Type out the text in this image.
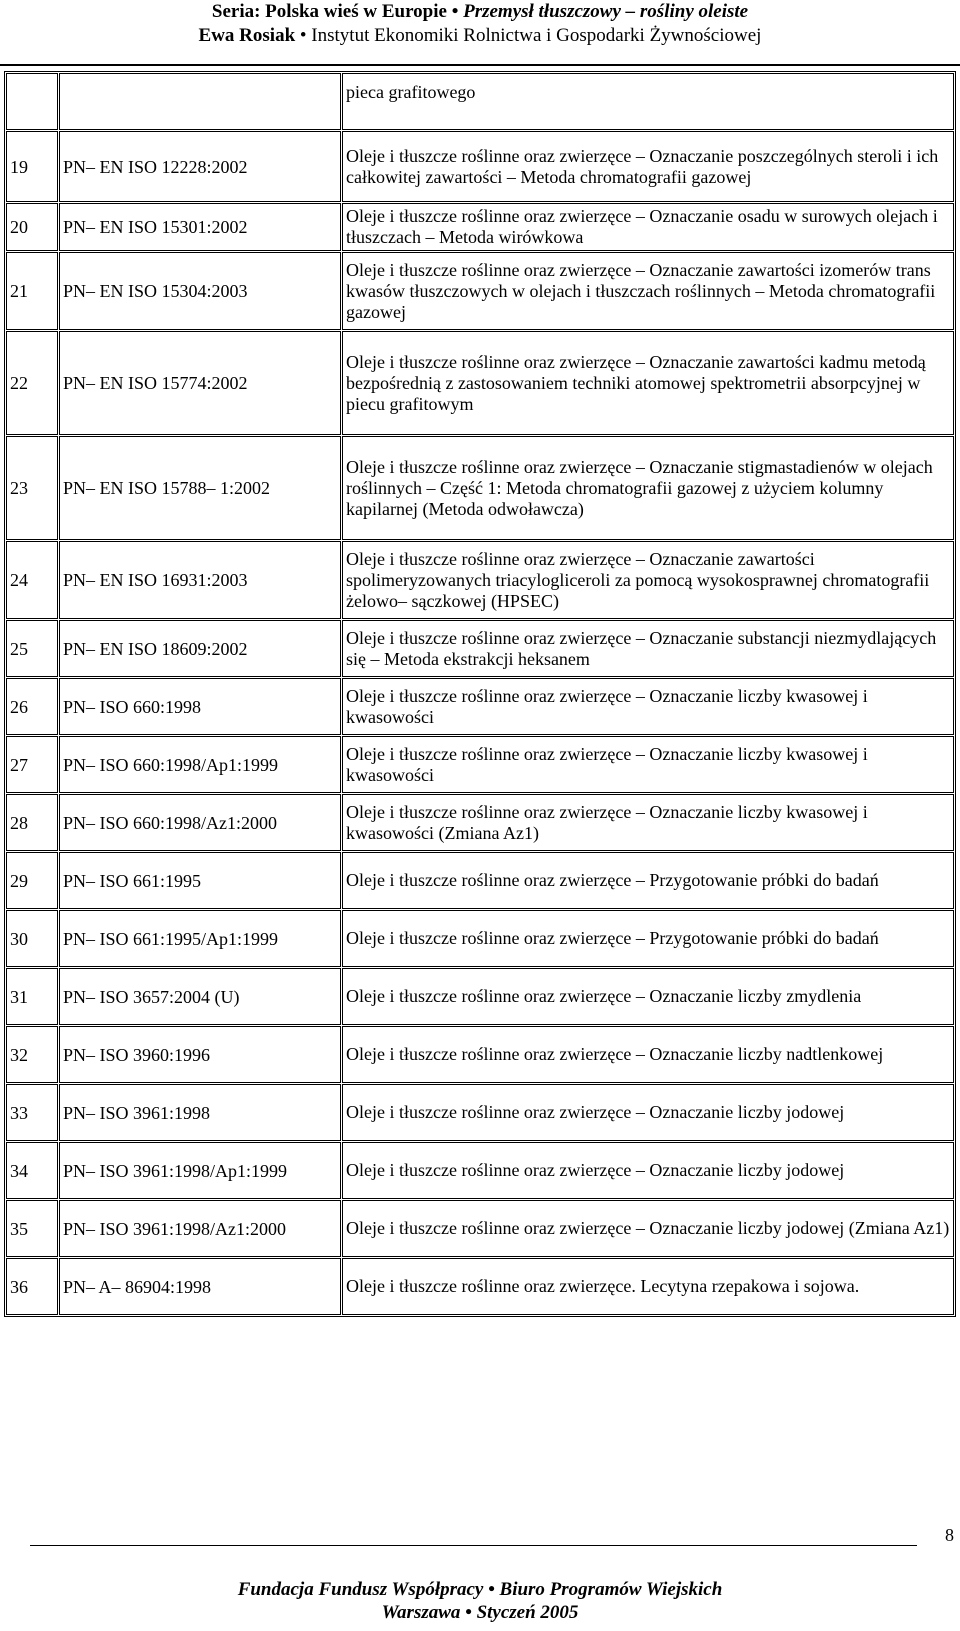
Seria: Polska wieś w Europie • Przemysł tłuszczowy – rośliny oleiste
Ewa Rosiak • Instytut Ekonomiki Rolnictwa i Gospodarki Żywnościowej
		pieca grafitowego
19	PN– EN ISO 12228:2002	Oleje i tłuszcze roślinne oraz zwierzęce – Oznaczanie poszczególnych steroli i ich całkowitej zawartości – Metoda chromatografii gazowej
20	PN– EN ISO 15301:2002	Oleje i tłuszcze roślinne oraz zwierzęce – Oznaczanie osadu w surowych olejach i tłuszczach – Metoda wirówkowa
21	PN– EN ISO 15304:2003	Oleje i tłuszcze roślinne oraz zwierzęce – Oznaczanie zawartości izomerów trans kwasów tłuszczowych w olejach i tłuszczach roślinnych – Metoda chromatografii gazowej
22	PN– EN ISO 15774:2002	Oleje i tłuszcze roślinne oraz zwierzęce – Oznaczanie zawartości kadmu metodą bezpośrednią z zastosowaniem techniki atomowej spektrometrii absorpcyjnej w piecu grafitowym
23	PN– EN ISO 15788– 1:2002	Oleje i tłuszcze roślinne oraz zwierzęce – Oznaczanie stigmastadienów w olejach roślinnych – Część 1: Metoda chromatografii gazowej z użyciem kolumny kapilarnej (Metoda odwoławcza)
24	PN– EN ISO 16931:2003	Oleje i tłuszcze roślinne oraz zwierzęce – Oznaczanie zawartości spolimeryzowanych triacylogliceroli za pomocą wysokosprawnej chromatografii żelowo– sączkowej (HPSEC)
25	PN– EN ISO 18609:2002	Oleje i tłuszcze roślinne oraz zwierzęce – Oznaczanie substancji niezmydlających się – Metoda ekstrakcji heksanem
26	PN– ISO 660:1998	Oleje i tłuszcze roślinne oraz zwierzęce – Oznaczanie liczby kwasowej i kwasowości
27	PN– ISO 660:1998/Ap1:1999	Oleje i tłuszcze roślinne oraz zwierzęce – Oznaczanie liczby kwasowej i kwasowości
28	PN– ISO 660:1998/Az1:2000	Oleje i tłuszcze roślinne oraz zwierzęce – Oznaczanie liczby kwasowej i kwasowości (Zmiana Az1)
29	PN– ISO 661:1995	Oleje i tłuszcze roślinne oraz zwierzęce – Przygotowanie próbki do badań
30	PN– ISO 661:1995/Ap1:1999	Oleje i tłuszcze roślinne oraz zwierzęce – Przygotowanie próbki do badań
31	PN– ISO 3657:2004 (U)	Oleje i tłuszcze roślinne oraz zwierzęce – Oznaczanie liczby zmydlenia
32	PN– ISO 3960:1996	Oleje i tłuszcze roślinne oraz zwierzęce – Oznaczanie liczby nadtlenkowej
33	PN– ISO 3961:1998	Oleje i tłuszcze roślinne oraz zwierzęce – Oznaczanie liczby jodowej
34	PN– ISO 3961:1998/Ap1:1999	Oleje i tłuszcze roślinne oraz zwierzęce – Oznaczanie liczby jodowej
35	PN– ISO 3961:1998/Az1:2000	Oleje i tłuszcze roślinne oraz zwierzęce – Oznaczanie liczby jodowej (Zmiana Az1)
36	PN– A– 86904:1998	Oleje i tłuszcze roślinne oraz zwierzęce. Lecytyna rzepakowa i sojowa.
8
Fundacja Fundusz Współpracy • Biuro Programów Wiejskich
Warszawa • Styczeń 2005
